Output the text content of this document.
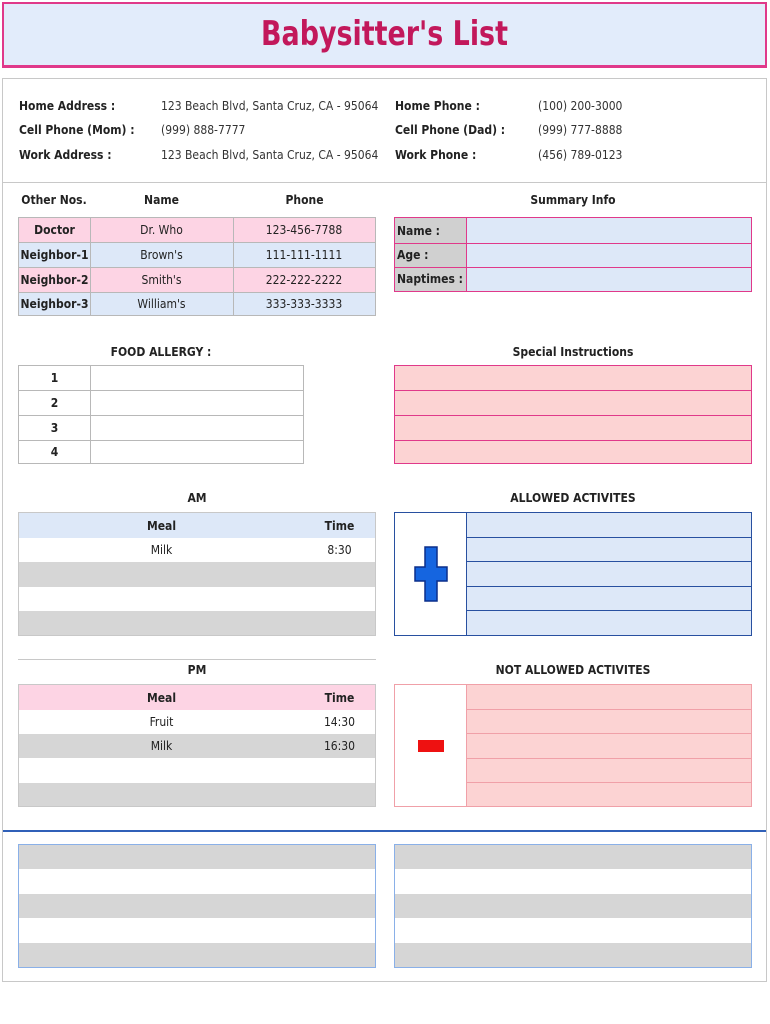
Babysitter's List
Home Address :	123 Beach Blvd, Santa Cruz, CA - 95064
Cell Phone (Mom) : (999) 888-7777
Work Address :	123 Beach Blvd, Santa Cruz, CA - 95064
Home Phone :	(100) 200-3000
Cell Phone (Dad) :	(999) 777-8888
Work Phone :	(456) 789-0123
Other Nos.	Name	Phone
Doctor	Dr. Who	123-456-7788
Neighbor-1	Brown's	111-111-1111
Neighbor-2	Smith's	222-222-2222
Neighbor-3	William's	333-333-3333
Summary Info
Name :
Age :
Naptimes :
FOOD ALLERGY :
1
2
3
4
Special Instructions
AM
Meal	Time
Milk	8:30
ALLOWED ACTIVITES
PM
Meal	Time
Fruit	14:30
Milk	16:30
NOT ALLOWED ACTIVITES
